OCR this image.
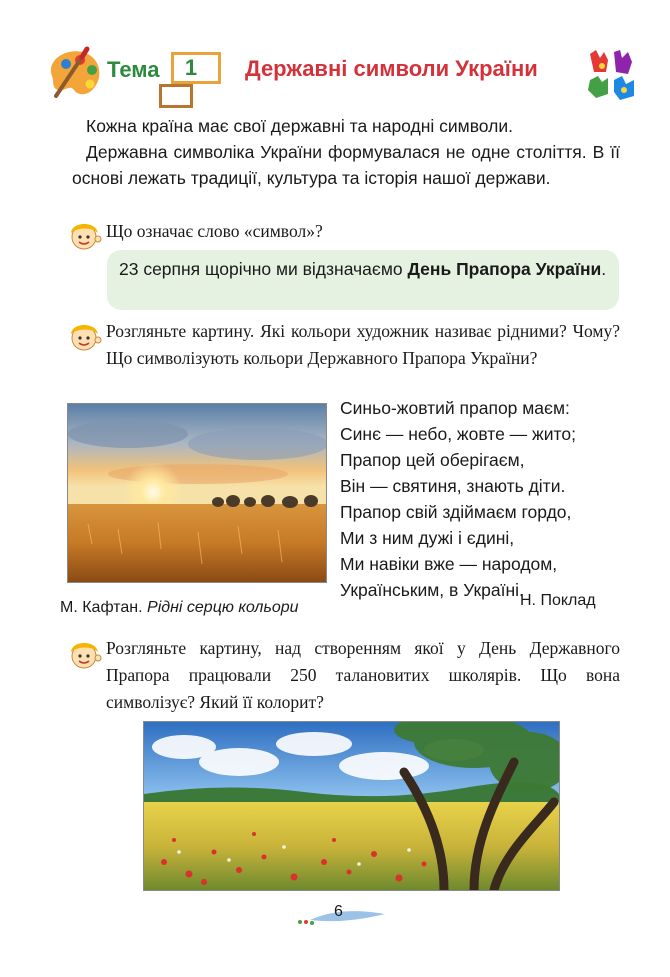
Тема	1	Державні символи України

Кожна країна має свої державні та народні символи.

Державна символіка України формувалася не одне століття. В її основі лежать традиції, культура та історія нашої держави.

Що означає слово «символ»?
23 серпня щорічно ми відзначаємо День Прапора України.
Розгляньте картину. Які кольори художник називає рідними? Чому? Що символізують кольори Державного Прапора України?
М. Кафтан. Рідні серцю кольори
Синьо-жовтий прапор маєм:
Синє — небо, жовте — жито;
Прапор цей оберігаєм,
Він — святиня, знають діти.
Прапор свій здіймаєм гордо,
Ми з ним дужі і єдині,
Ми навіки вже — народом,
Українським, в Україні.
Н. Поклад
Розгляньте картину, над створенням якої у День Державного Прапора працювали 250 талановитих школярів. Що вона символізує? Який її колорит?
6
